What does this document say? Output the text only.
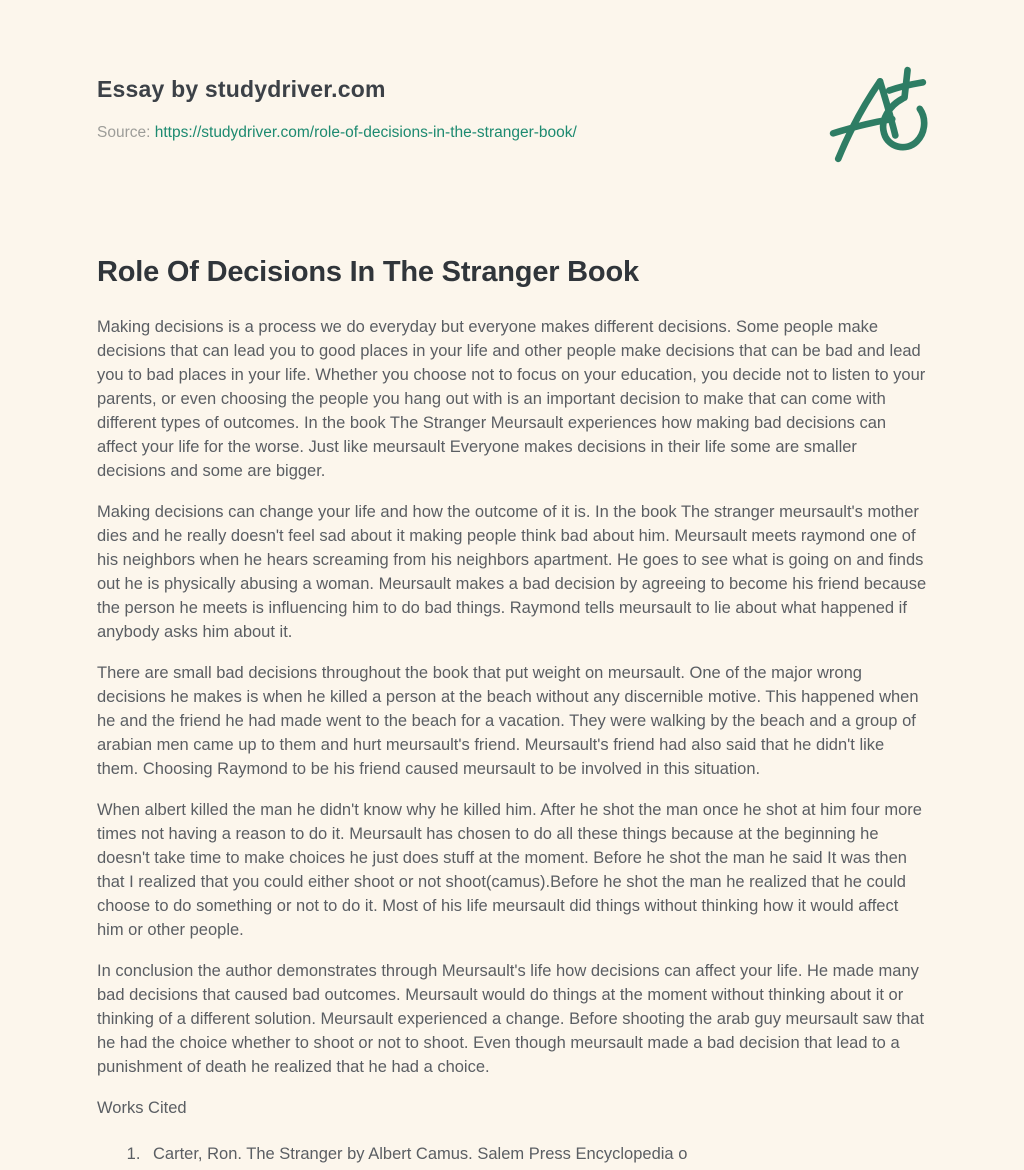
Essay by studydriver.com
Source: https://studydriver.com/role-of-decisions-in-the-stranger-book/
Role Of Decisions In The Stranger Book

Making decisions is a process we do everyday but everyone makes different decisions. Some people make decisions that can lead you to good places in your life and other people make decisions that can be bad and lead you to bad places in your life. Whether you choose not to focus on your education, you decide not to listen to your parents, or even choosing the people you hang out with is an important decision to make that can come with different types of outcomes. In the book The Stranger Meursault experiences how making bad decisions can affect your life for the worse. Just like meursault Everyone makes decisions in their life some are smaller decisions and some are bigger.

Making decisions can change your life and how the outcome of it is. In the book The stranger meursault's mother dies and he really doesn't feel sad about it making people think bad about him. Meursault meets raymond one of his neighbors when he hears screaming from his neighbors apartment. He goes to see what is going on and finds out he is physically abusing a woman. Meursault makes a bad decision by agreeing to become his friend because the person he meets is influencing him to do bad things. Raymond tells meursault to lie about what happened if anybody asks him about it.

There are small bad decisions throughout the book that put weight on meursault. One of the major wrong decisions he makes is when he killed a person at the beach without any discernible motive. This happened when he and the friend he had made went to the beach for a vacation. They were walking by the beach and a group of arabian men came up to them and hurt meursault's friend. Meursault's friend had also said that he didn't like them. Choosing Raymond to be his friend caused meursault to be involved in this situation.

When albert killed the man he didn't know why he killed him. After he shot the man once he shot at him four more times not having a reason to do it. Meursault has chosen to do all these things because at the beginning he doesn't take time to make choices he just does stuff at the moment. Before he shot the man he said It was then that I realized that you could either shoot or not shoot(camus).Before he shot the man he realized that he could choose to do something or not to do it. Most of his life meursault did things without thinking how it would affect him or other people.

In conclusion the author demonstrates through Meursault's life how decisions can affect your life. He made many bad decisions that caused bad outcomes. Meursault would do things at the moment without thinking about it or thinking of a different solution. Meursault experienced a change. Before shooting the arab guy meursault saw that he had the choice whether to shoot or not to shoot. Even though meursault made a bad decision that lead to a punishment of death he realized that he had a choice.

Works Cited

1. Carter, Ron. The Stranger by Albert Camus. Salem Press Encyclopedia o
